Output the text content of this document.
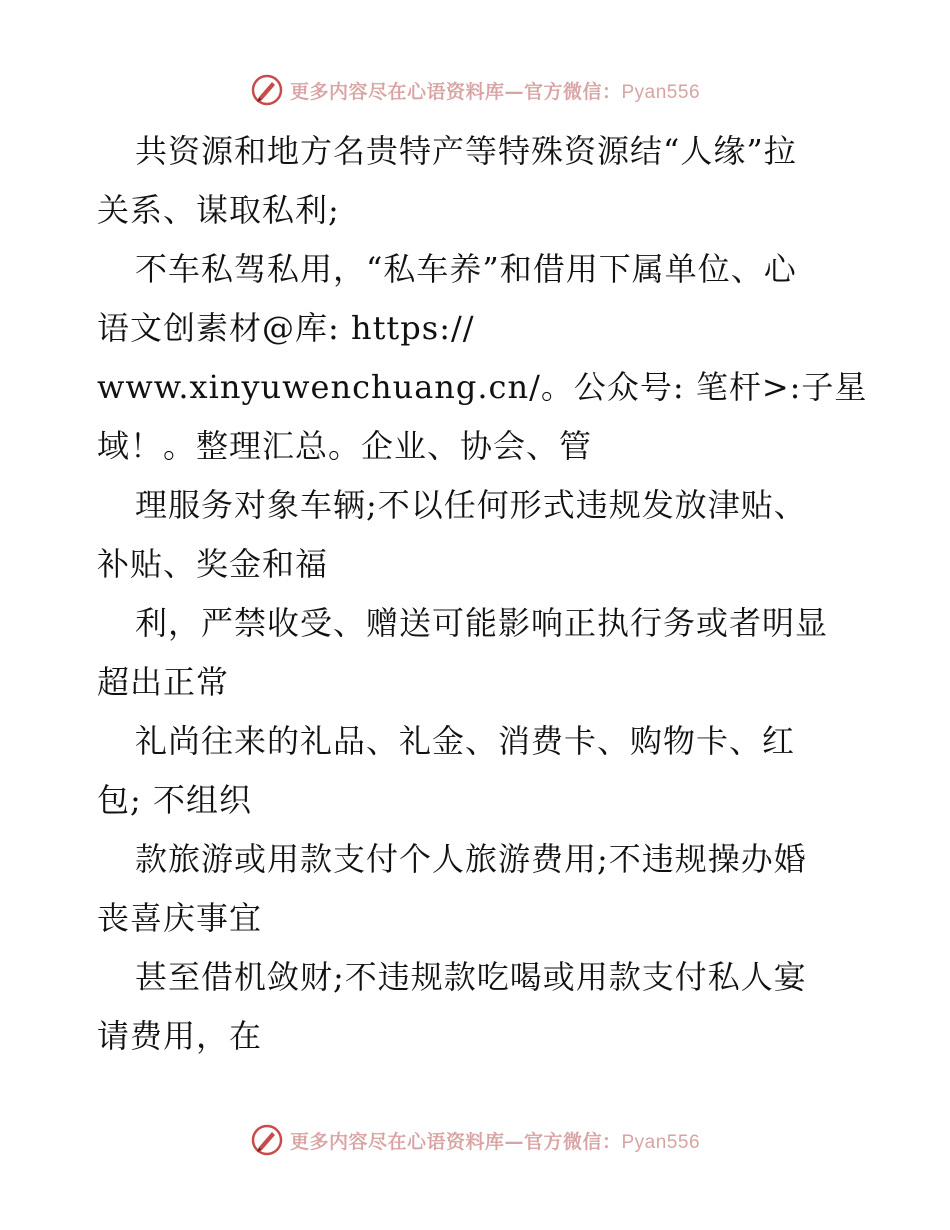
更多内容尽在心语资料库—官方微信：Pyan556
共资源和地方名贵特产等特殊资源结“人缘”拉
关系、谋取私利;
不车私驾私用，“私车养”和借用下属单位、心
语文创素材@库: https://
www.xinyuwenchuang.cn/。公众号: 笔杆>:子星
域！。整理汇总。企业、协会、管
理服务对象车辆;不以任何形式违规发放津贴、
补贴、奖金和福
利，严禁收受、赠送可能影响正执行务或者明显
超出正常
礼尚往来的礼品、礼金、消费卡、购物卡、红
包; 不组织
款旅游或用款支付个人旅游费用;不违规操办婚
丧喜庆事宜
甚至借机敛财;不违规款吃喝或用款支付私人宴
请费用，在
更多内容尽在心语资料库—官方微信：Pyan556
